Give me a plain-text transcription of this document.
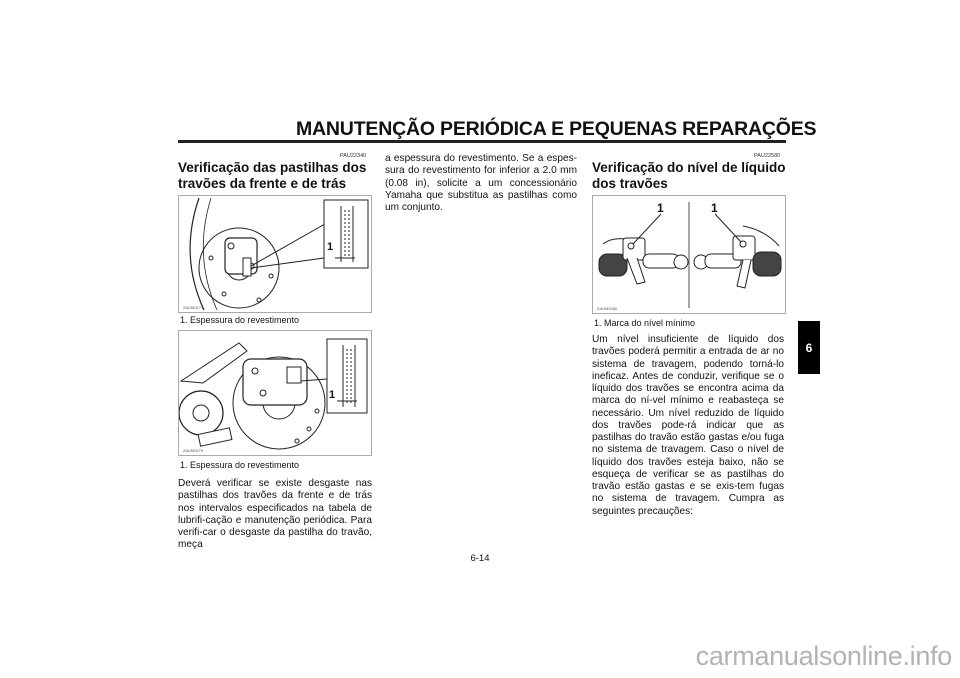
MANUTENÇÃO PERIÓDICA E PEQUENAS REPARAÇÕES
PAU22340
Verificação das pastilhas dos
travões da frente e de trás
ZAUM0271
1
1. Espessura do revestimento
ZAUM0275
1
1. Espessura do revestimento

Deverá verificar se existe desgaste nas pastilhas dos travões da frente e de trás nos intervalos especificados na tabela de lubrifi-cação e manutenção periódica. Para verifi-car o desgaste da pastilha do travão, meça

a espessura do revestimento. Se a espes-sura do revestimento for inferior a 2.0 mm (0.08 in), solicite a um concessionário Yamaha que substitua as pastilhas como um conjunto.

PAU22580
Verificação do nível de líquido
dos travões
ZAUM0280
1	1
1. Marca do nível mínimo

Um nível insuficiente de líquido dos travões poderá permitir a entrada de ar no sistema de travagem, podendo torná-lo ineficaz. Antes de conduzir, verifique se o líquido dos travões se encontra acima da marca do ní-vel mínimo e reabasteça se necessário. Um nível reduzido de líquido dos travões pode-rá indicar que as pastilhas do travão estão gastas e/ou fuga no sistema de travagem. Caso o nível de líquido dos travões esteja baixo, não se esqueça de verificar se as pastilhas do travão estão gastas e se exis-tem fugas no sistema de travagem. Cumpra as seguintes precauções:

6
6-14
carmanualsonline.info
